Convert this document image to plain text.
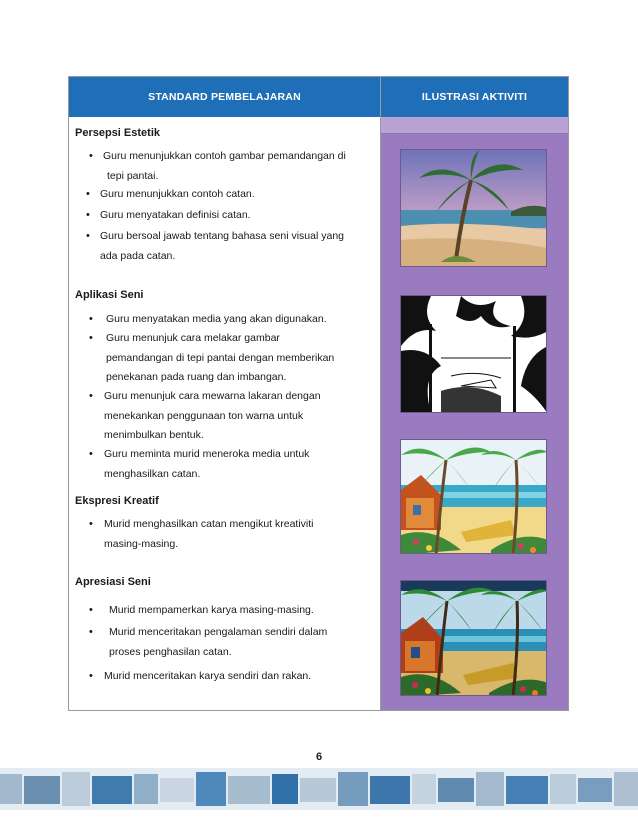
STANDARD PEMBELAJARAN	ILUSTRASI AKTIVITI
Persepsi Estetik
• Guru menunjukkan contoh gambar pemandangan di
tepi pantai.
• Guru menunjukkan contoh catan.
• Guru menyatakan definisi catan.
• Guru bersoal jawab tentang bahasa seni visual yang
ada pada catan.
Aplikasi Seni
• Guru menyatakan media yang akan digunakan.
• Guru menunjuk cara melakar gambar
pemandangan di tepi pantai dengan memberikan
penekanan pada ruang dan imbangan.
• Guru menunjuk cara mewarna lakaran dengan
menekankan penggunaan ton warna untuk
menimbulkan bentuk.
• Guru meminta murid meneroka media untuk
menghasilkan catan.
Ekspresi Kreatif
• Murid menghasilkan catan mengikut kreativiti
masing-masing.
Apresiasi Seni
• Murid mempamerkan karya masing-masing.
• Murid menceritakan pengalaman sendiri dalam
proses penghasilan catan.
• Murid menceritakan karya sendiri dan rakan.
6
